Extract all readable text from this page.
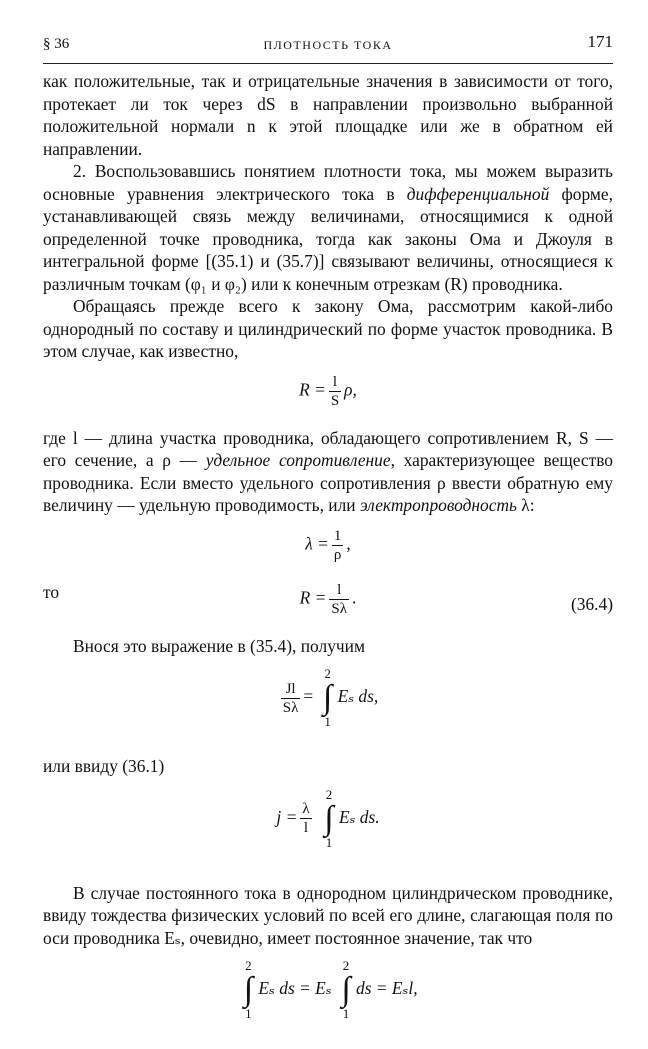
§ 36	ПЛОТНОСТЬ ТОКА	171

как положительные, так и отрицательные значения в зависимости от того, протекает ли ток через dS в направлении произвольно выбранной положительной нормали n к этой площадке или же в обратном ей направлении.

2. Воспользовавшись понятием плотности тока, мы можем выразить основные уравнения электрического тока в дифференциальной форме, устанавливающей связь между величинами, относящимися к одной определенной точке проводника, тогда как законы Ома и Джоуля в интегральной форме [(35.1) и (35.7)] связывают величины, относящиеся к различным точкам (φ₁ и φ₂) или к конечным отрезкам (R) проводника.

Обращаясь прежде всего к закону Ома, рассмотрим какой-либо однородный по составу и цилиндрический по форме участок проводника. В этом случае, как известно,

$R = \frac{l}{S} \rho$,

где l — длина участка проводника, обладающего сопротивлением R, S — его сечение, а ρ — удельное сопротивление, характеризующее вещество проводника. Если вместо удельного сопротивления ρ ввести обратную ему величину — удельную проводимость, или электропроводность λ:

$\lambda = \frac{1}{\rho}$ ,
то	$R = \frac{l}{S\lambda}$ .	(36.4)

Внося это выражение в (35.4), получим

$\frac{Jl}{S\lambda}$ =
2
∫
1
Eₛ ds,

или ввиду (36.1)

$j = \frac{\lambda}{l}$

2
∫
1
Eₛ ds.

В случае постоянного тока в однородном цилиндрическом проводнике, ввиду тождества физических условий по всей его длине, слагающая поля по оси проводника Eₛ, очевидно, имеет постоянное значение, так что

2
∫
1
Eₛ ds = Eₛ
2
∫
1
ds = Eₛl,
